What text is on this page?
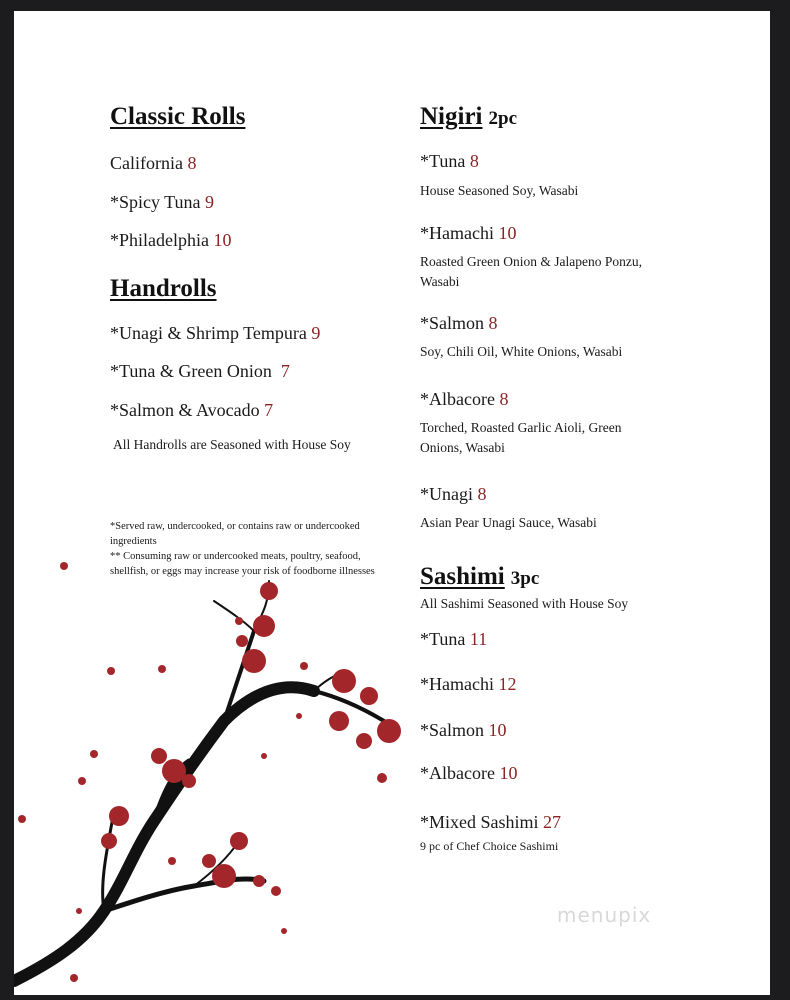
Classic Rolls
California 8
*Spicy Tuna 9
*Philadelphia 10
Handrolls
*Unagi & Shrimp Tempura 9
*Tuna & Green Onion 7
*Salmon & Avocado 7
All Handrolls are Seasoned with House Soy
*Served raw, undercooked, or contains raw or undercooked ingredients
** Consuming raw or undercooked meats, poultry, seafood, shellfish, or eggs may increase your risk of foodborne illnesses
Nigiri 2pc
*Tuna 8
House Seasoned Soy, Wasabi
*Hamachi 10
Roasted Green Onion & Jalapeno Ponzu, Wasabi
*Salmon 8
Soy, Chili Oil, White Onions, Wasabi
*Albacore 8
Torched, Roasted Garlic Aioli, Green Onions, Wasabi
*Unagi 8
Asian Pear Unagi Sauce, Wasabi
Sashimi 3pc
All Sashimi Seasoned with House Soy
*Tuna 11
*Hamachi 12
*Salmon 10
*Albacore 10
*Mixed Sashimi 27
9 pc of Chef Choice Sashimi
menupix
